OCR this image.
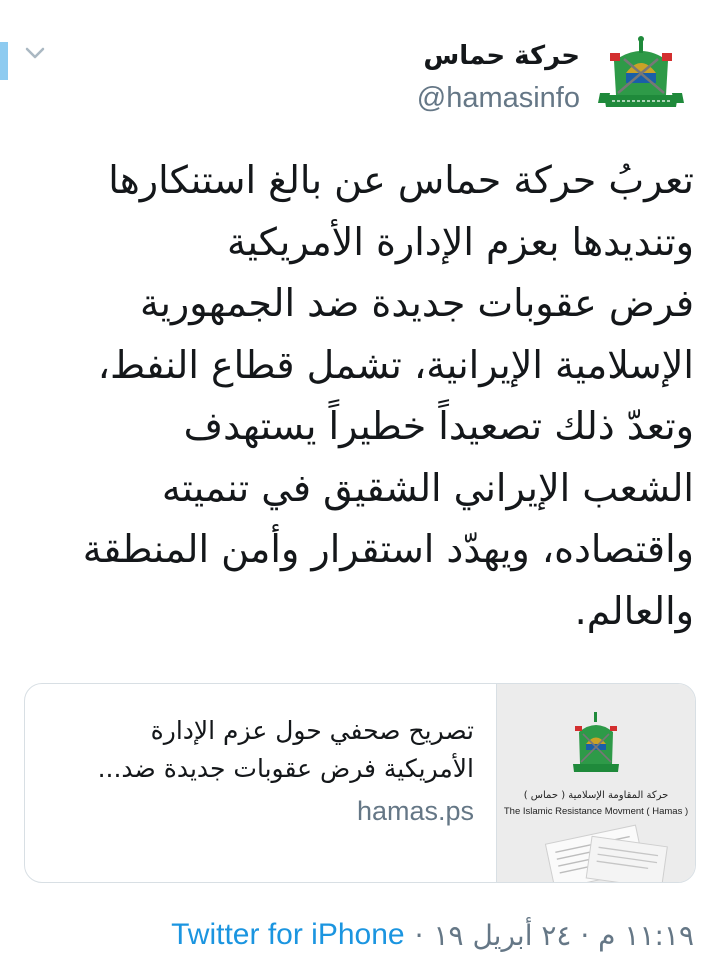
حركة حماس
@hamasinfo
تعربُ حركة حماس عن بالغ استنكارها
وتنديدها بعزم الإدارة الأمريكية
فرض عقوبات جديدة ضد الجمهورية
الإسلامية الإيرانية، تشمل قطاع النفط،
وتعدّ ذلك تصعيداً خطيراً يستهدف
الشعب الإيراني الشقيق في تنميته
واقتصاده، ويهدّد استقرار وأمن المنطقة
والعالم.
حركة المقاومة الإسلامية ( حماس )
The Islamic Resistance Movment ( Hamas )
تصريح صحفي حول عزم الإدارة
الأمريكية فرض عقوبات جديدة ضد...
hamas.ps
١١:١٩ م · ٢٤ أبريل ١٩
·
Twitter for iPhone
